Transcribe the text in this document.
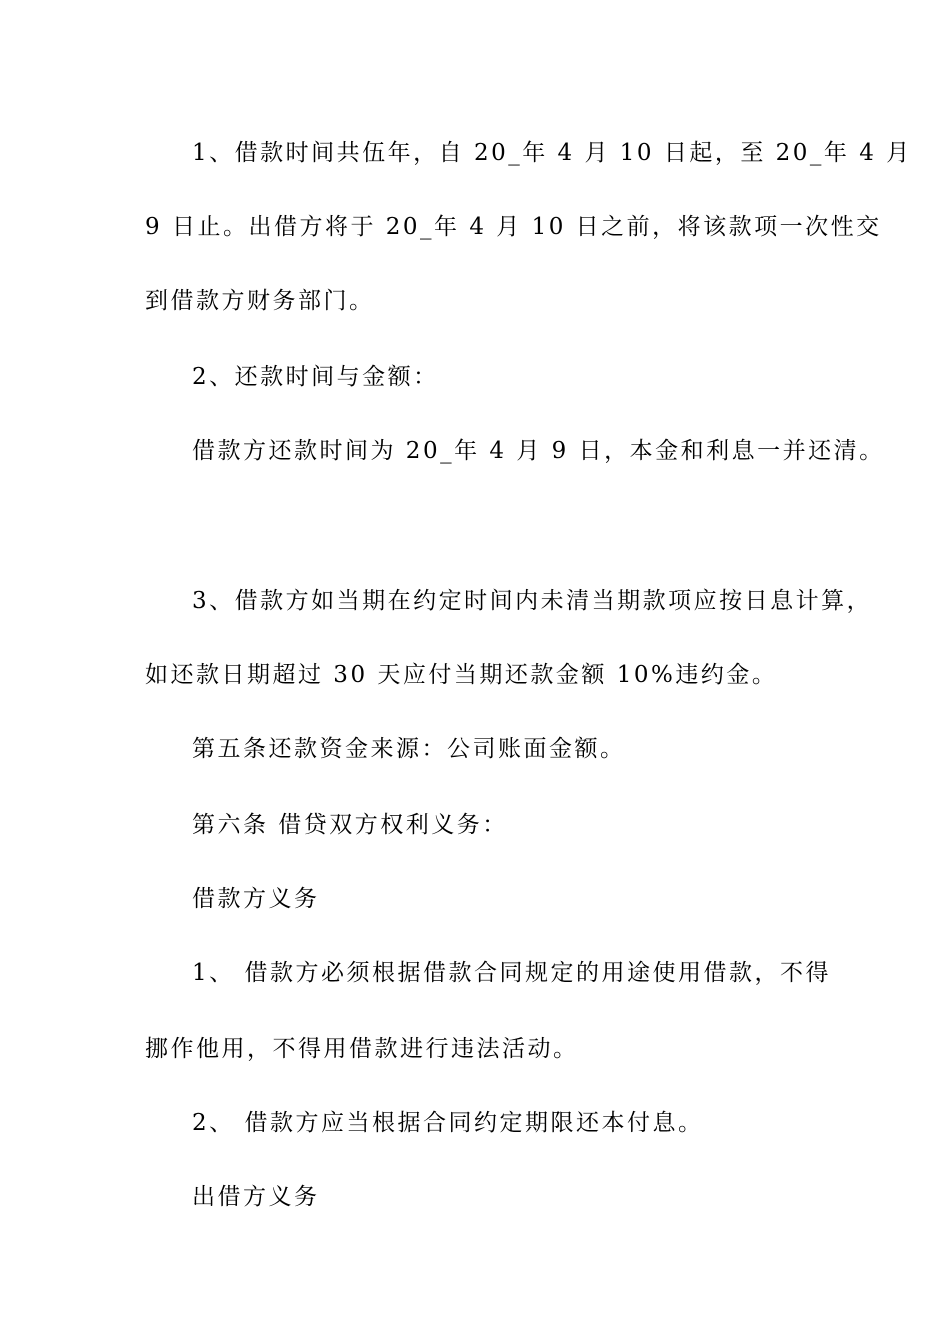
1、借款时间共伍年，自 20_年 4 月 10 日起，至 20_年 4 月
9 日止。出借方将于 20_年 4 月 10 日之前，将该款项一次性交
到借款方财务部门。
2、还款时间与金额：
借款方还款时间为 20_年 4 月 9 日，本金和利息一并还清。
3、借款方如当期在约定时间内未清当期款项应按日息计算，
如还款日期超过 30 天应付当期还款金额 10%违约金。
第五条还款资金来源：公司账面金额。
第六条 借贷双方权利义务：
借款方义务
1、 借款方必须根据借款合同规定的用途使用借款，不得
挪作他用，不得用借款进行违法活动。
2、 借款方应当根据合同约定期限还本付息。
出借方义务
